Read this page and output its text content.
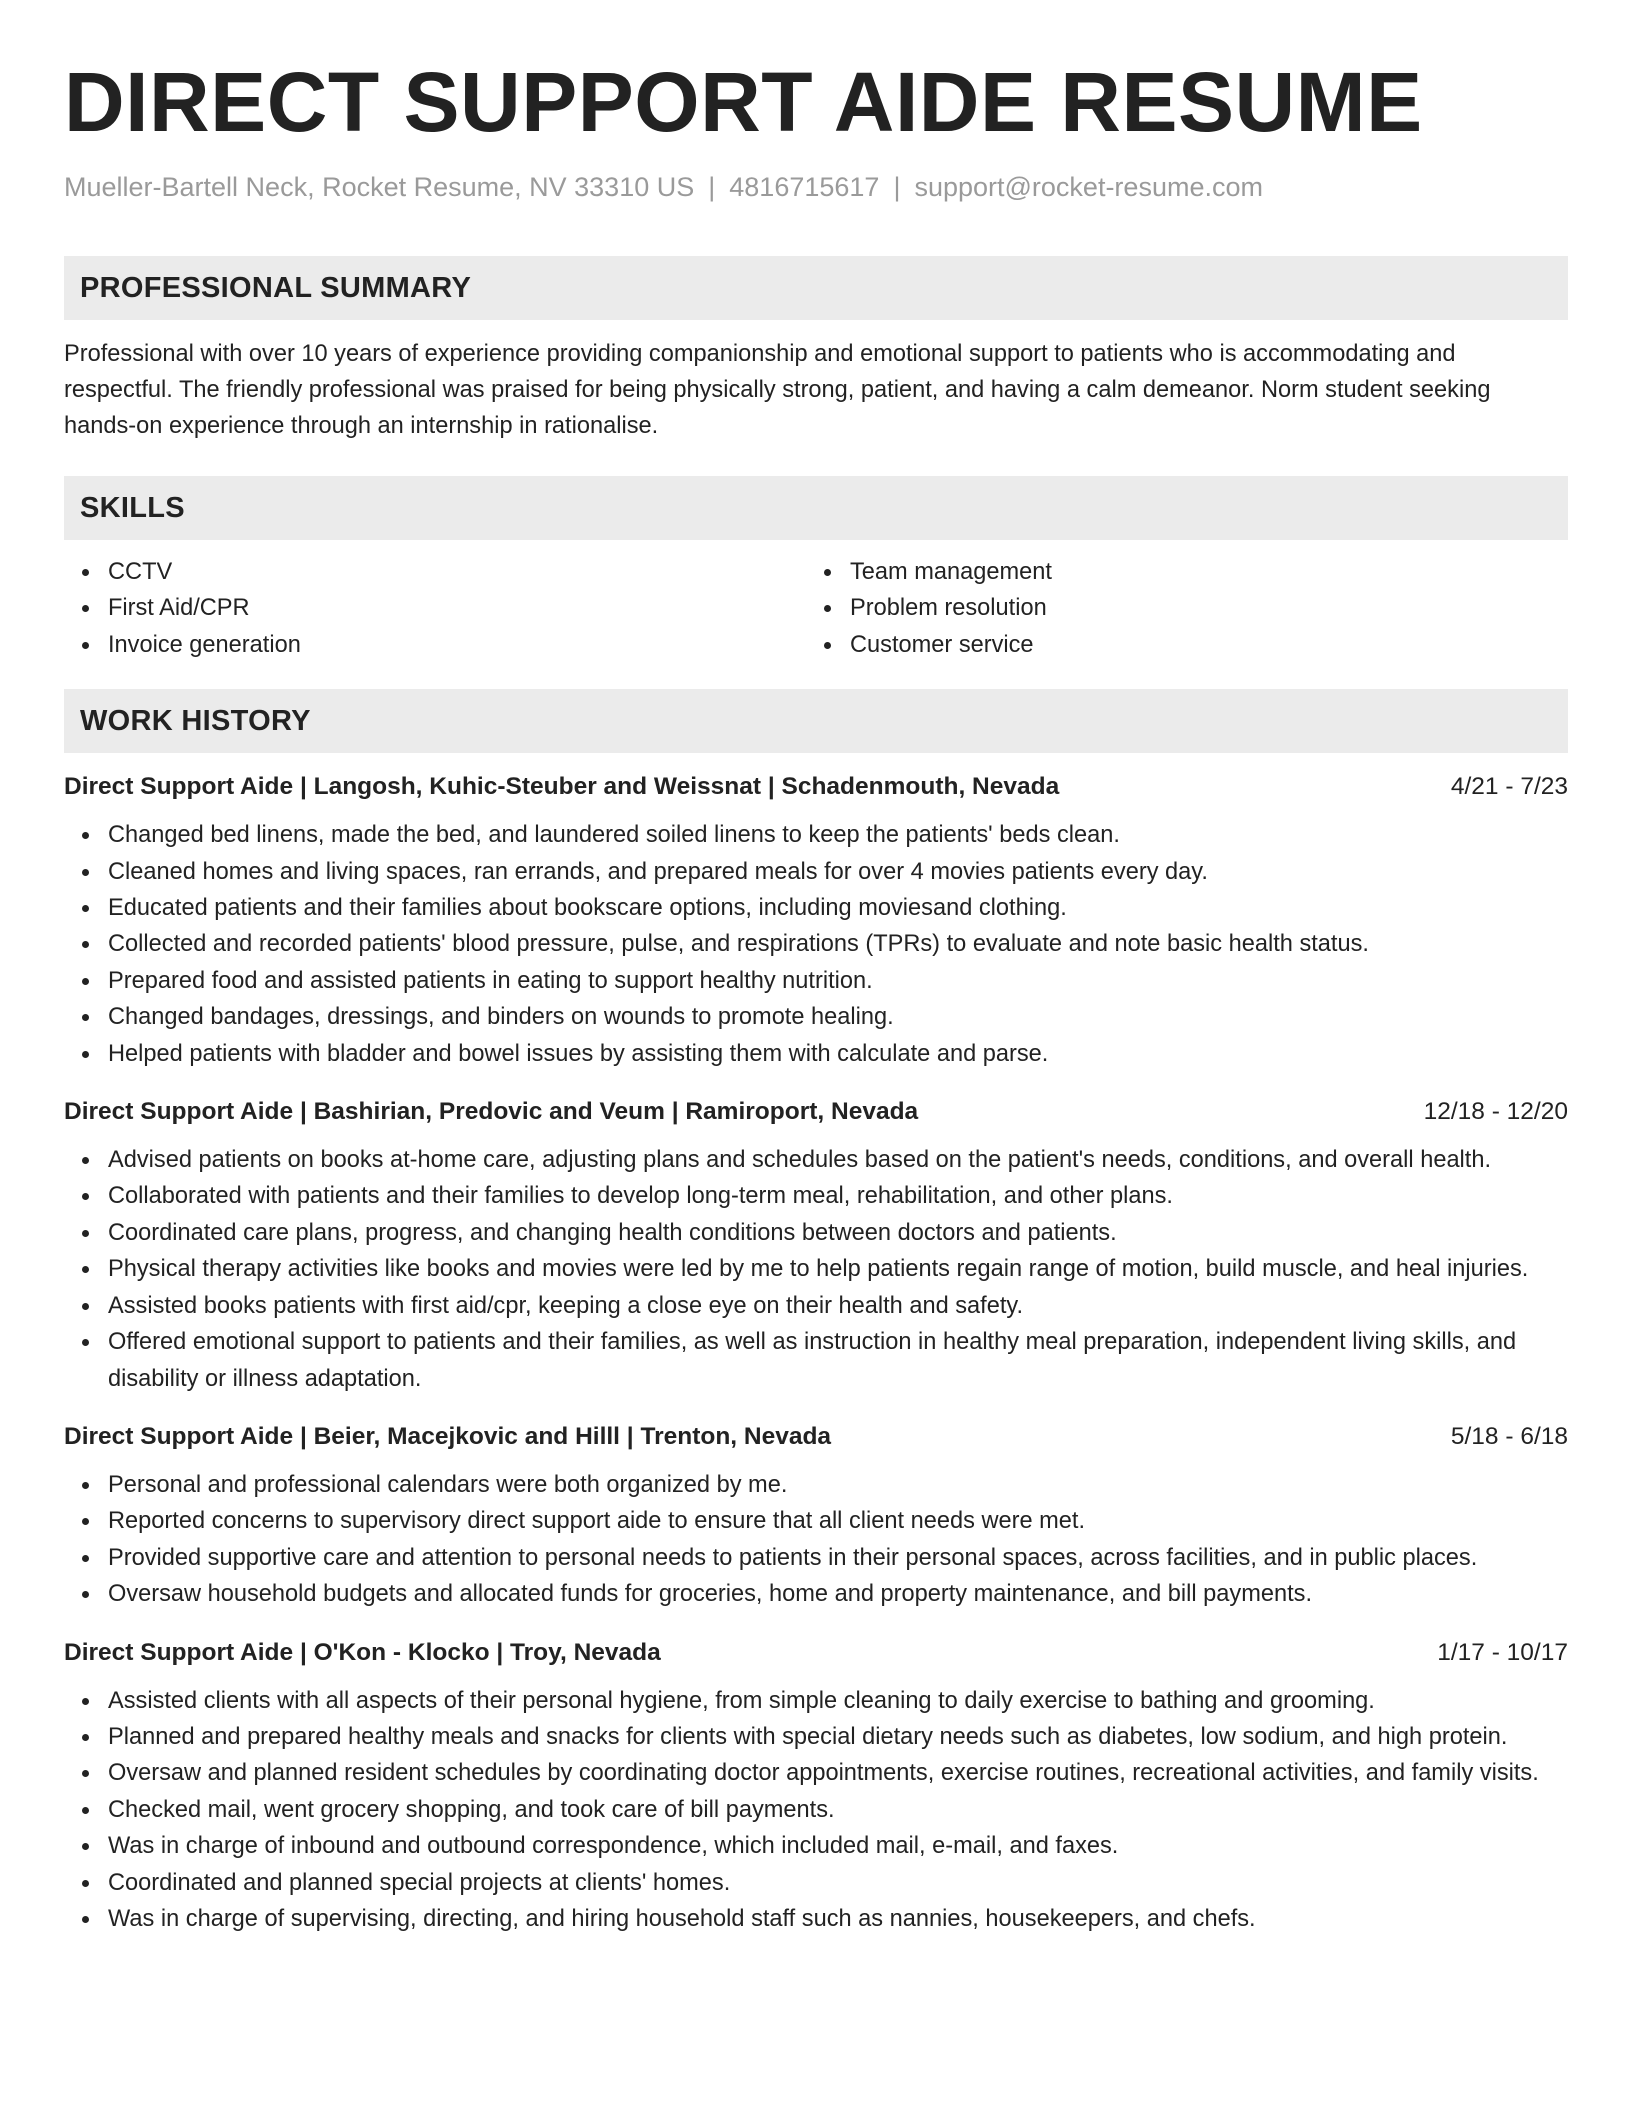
DIRECT SUPPORT AIDE RESUME
Mueller-Bartell Neck, Rocket Resume, NV 33310 US | 4816715617 | support@rocket-resume.com
PROFESSIONAL SUMMARY
Professional with over 10 years of experience providing companionship and emotional support to patients who is accommodating and respectful. The friendly professional was praised for being physically strong, patient, and having a calm demeanor. Norm student seeking hands-on experience through an internship in rationalise.
SKILLS
CCTV
First Aid/CPR
Invoice generation
Team management
Problem resolution
Customer service
WORK HISTORY
Direct Support Aide | Langosh, Kuhic-Steuber and Weissnat | Schadenmouth, Nevada	4/21 - 7/23
Changed bed linens, made the bed, and laundered soiled linens to keep the patients' beds clean.
Cleaned homes and living spaces, ran errands, and prepared meals for over 4 movies patients every day.
Educated patients and their families about bookscare options, including moviesand clothing.
Collected and recorded patients' blood pressure, pulse, and respirations (TPRs) to evaluate and note basic health status.
Prepared food and assisted patients in eating to support healthy nutrition.
Changed bandages, dressings, and binders on wounds to promote healing.
Helped patients with bladder and bowel issues by assisting them with calculate and parse.
Direct Support Aide | Bashirian, Predovic and Veum | Ramiroport, Nevada	12/18 - 12/20
Advised patients on books at-home care, adjusting plans and schedules based on the patient's needs, conditions, and overall health.
Collaborated with patients and their families to develop long-term meal, rehabilitation, and other plans.
Coordinated care plans, progress, and changing health conditions between doctors and patients.
Physical therapy activities like books and movies were led by me to help patients regain range of motion, build muscle, and heal injuries.
Assisted books patients with first aid/cpr, keeping a close eye on their health and safety.
Offered emotional support to patients and their families, as well as instruction in healthy meal preparation, independent living skills, and disability or illness adaptation.
Direct Support Aide | Beier, Macejkovic and Hilll | Trenton, Nevada	5/18 - 6/18
Personal and professional calendars were both organized by me.
Reported concerns to supervisory direct support aide to ensure that all client needs were met.
Provided supportive care and attention to personal needs to patients in their personal spaces, across facilities, and in public places.
Oversaw household budgets and allocated funds for groceries, home and property maintenance, and bill payments.
Direct Support Aide | O'Kon - Klocko | Troy, Nevada	1/17 - 10/17
Assisted clients with all aspects of their personal hygiene, from simple cleaning to daily exercise to bathing and grooming.
Planned and prepared healthy meals and snacks for clients with special dietary needs such as diabetes, low sodium, and high protein.
Oversaw and planned resident schedules by coordinating doctor appointments, exercise routines, recreational activities, and family visits.
Checked mail, went grocery shopping, and took care of bill payments.
Was in charge of inbound and outbound correspondence, which included mail, e-mail, and faxes.
Coordinated and planned special projects at clients' homes.
Was in charge of supervising, directing, and hiring household staff such as nannies, housekeepers, and chefs.
